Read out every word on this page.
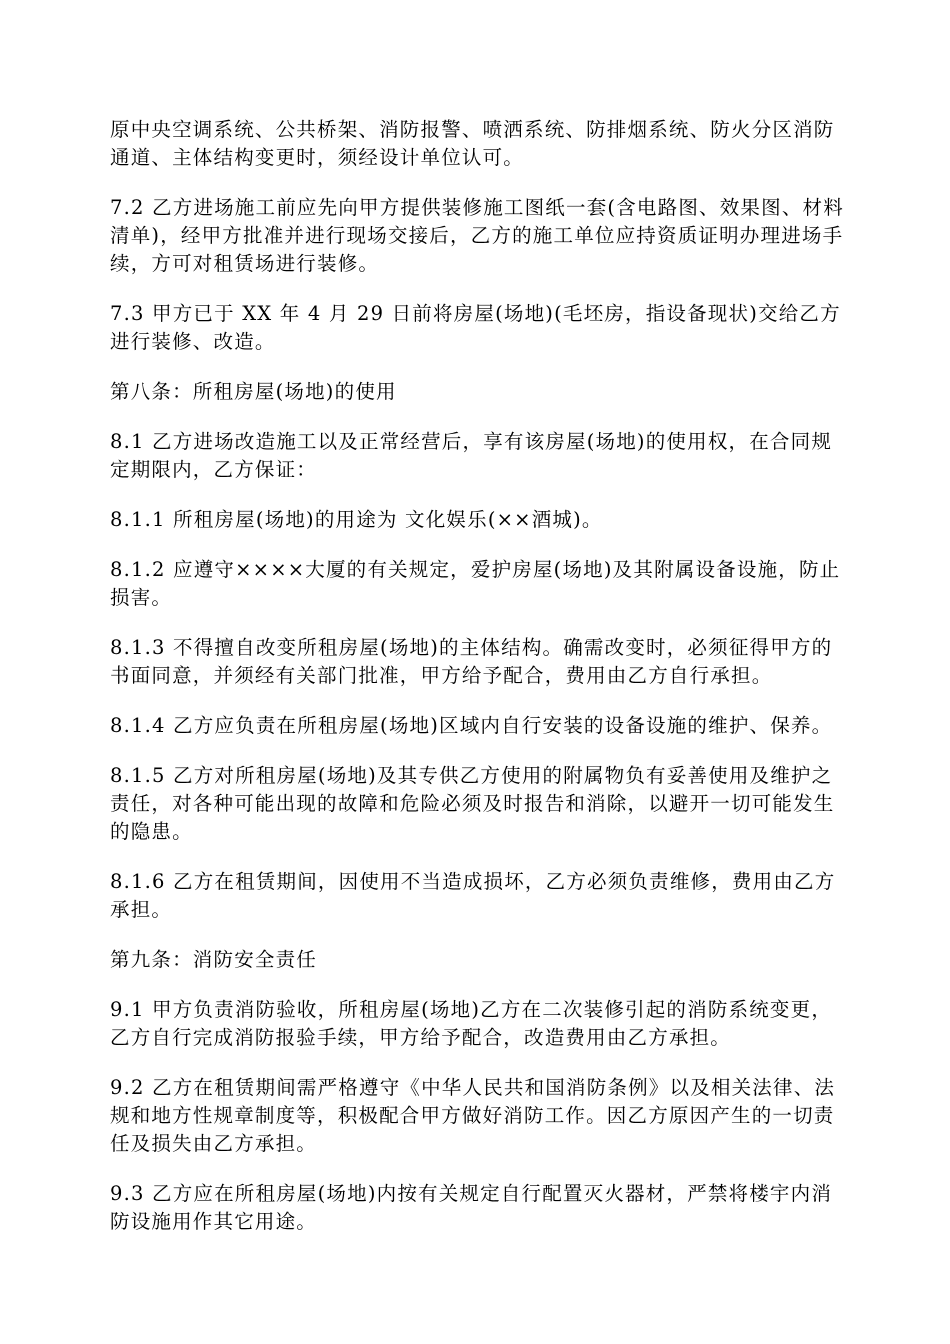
原中央空调系统、公共桥架、消防报警、喷洒系统、防排烟系统、防火分区消防通道、主体结构变更时，须经设计单位认可。

7.2 乙方进场施工前应先向甲方提供装修施工图纸一套(含电路图、效果图、材料清单)，经甲方批准并进行现场交接后，乙方的施工单位应持资质证明办理进场手续，方可对租赁场进行装修。

7.3 甲方已于 XX 年 4 月 29 日前将房屋(场地)(毛坯房，指设备现状)交给乙方进行装修、改造。

第八条：所租房屋(场地)的使用

8.1 乙方进场改造施工以及正常经营后，享有该房屋(场地)的使用权，在合同规定期限内，乙方保证：

8.1.1 所租房屋(场地)的用途为 文化娱乐(××酒城)。

8.1.2 应遵守××××大厦的有关规定，爱护房屋(场地)及其附属设备设施，防止损害。

8.1.3 不得擅自改变所租房屋(场地)的主体结构。确需改变时，必须征得甲方的书面同意，并须经有关部门批准，甲方给予配合，费用由乙方自行承担。

8.1.4 乙方应负责在所租房屋(场地)区域内自行安装的设备设施的维护、保养。

8.1.5 乙方对所租房屋(场地)及其专供乙方使用的附属物负有妥善使用及维护之责任，对各种可能出现的故障和危险必须及时报告和消除，以避开一切可能发生的隐患。

8.1.6 乙方在租赁期间，因使用不当造成损坏，乙方必须负责维修，费用由乙方承担。

第九条：消防安全责任

9.1 甲方负责消防验收，所租房屋(场地)乙方在二次装修引起的消防系统变更，乙方自行完成消防报验手续，甲方给予配合，改造费用由乙方承担。

9.2 乙方在租赁期间需严格遵守《中华人民共和国消防条例》以及相关法律、法规和地方性规章制度等，积极配合甲方做好消防工作。因乙方原因产生的一切责任及损失由乙方承担。

9.3 乙方应在所租房屋(场地)内按有关规定自行配置灭火器材，严禁将楼宇内消防设施用作其它用途。
